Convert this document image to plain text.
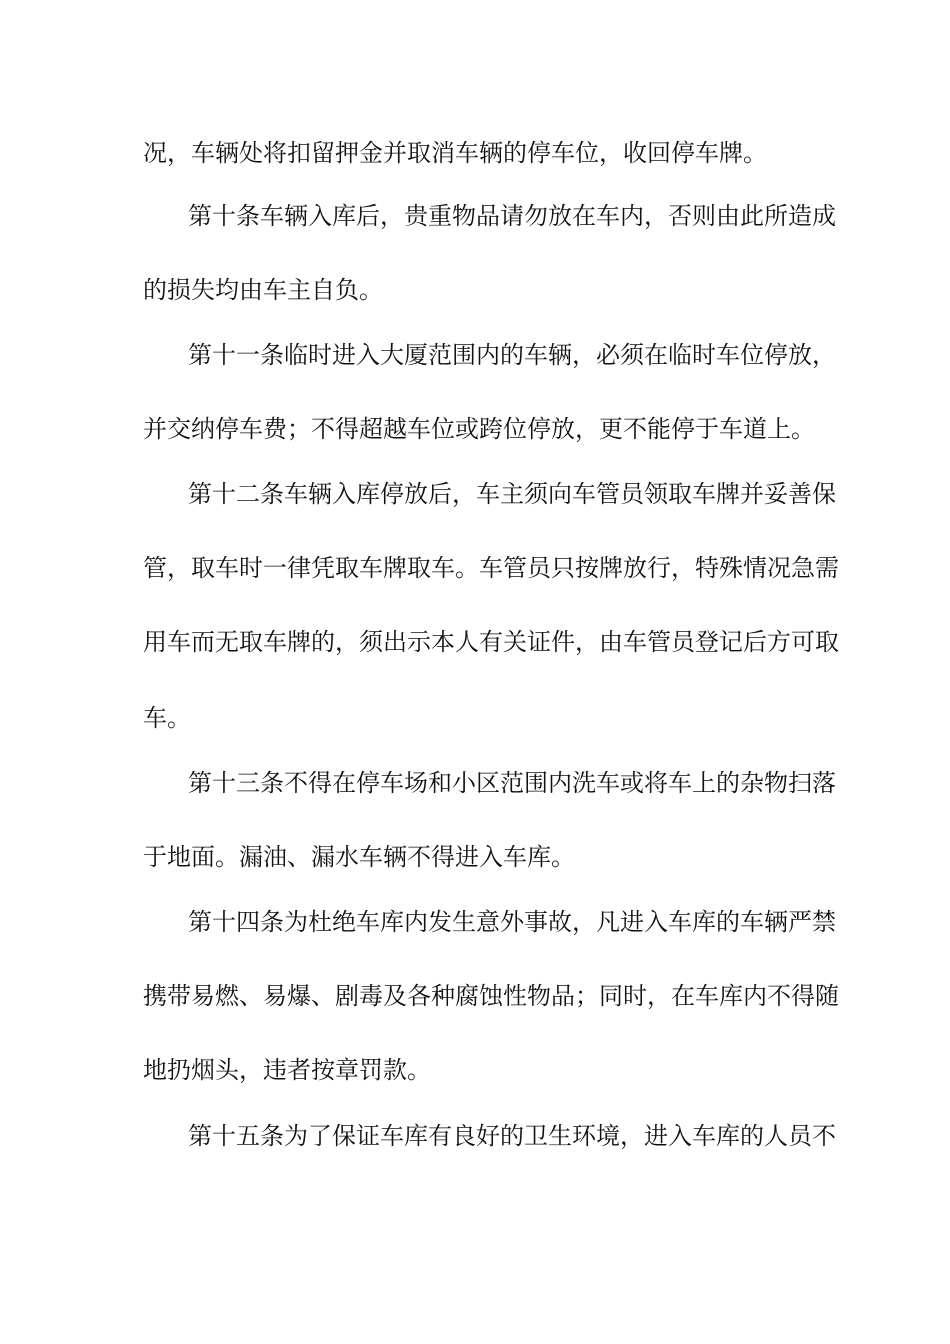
况，车辆处将扣留押金并取消车辆的停车位，收回停车牌。
第十条车辆入库后，贵重物品请勿放在车内，否则由此所造成
的损失均由车主自负。
第十一条临时进入大厦范围内的车辆，必须在临时车位停放，
并交纳停车费；不得超越车位或跨位停放，更不能停于车道上。
第十二条车辆入库停放后，车主须向车管员领取车牌并妥善保
管，取车时一律凭取车牌取车。车管员只按牌放行，特殊情况急需
用车而无取车牌的，须出示本人有关证件，由车管员登记后方可取
车。
第十三条不得在停车场和小区范围内洗车或将车上的杂物扫落
于地面。漏油、漏水车辆不得进入车库。
第十四条为杜绝车库内发生意外事故，凡进入车库的车辆严禁
携带易燃、易爆、剧毒及各种腐蚀性物品；同时，在车库内不得随
地扔烟头，违者按章罚款。
第十五条为了保证车库有良好的卫生环境，进入车库的人员不
